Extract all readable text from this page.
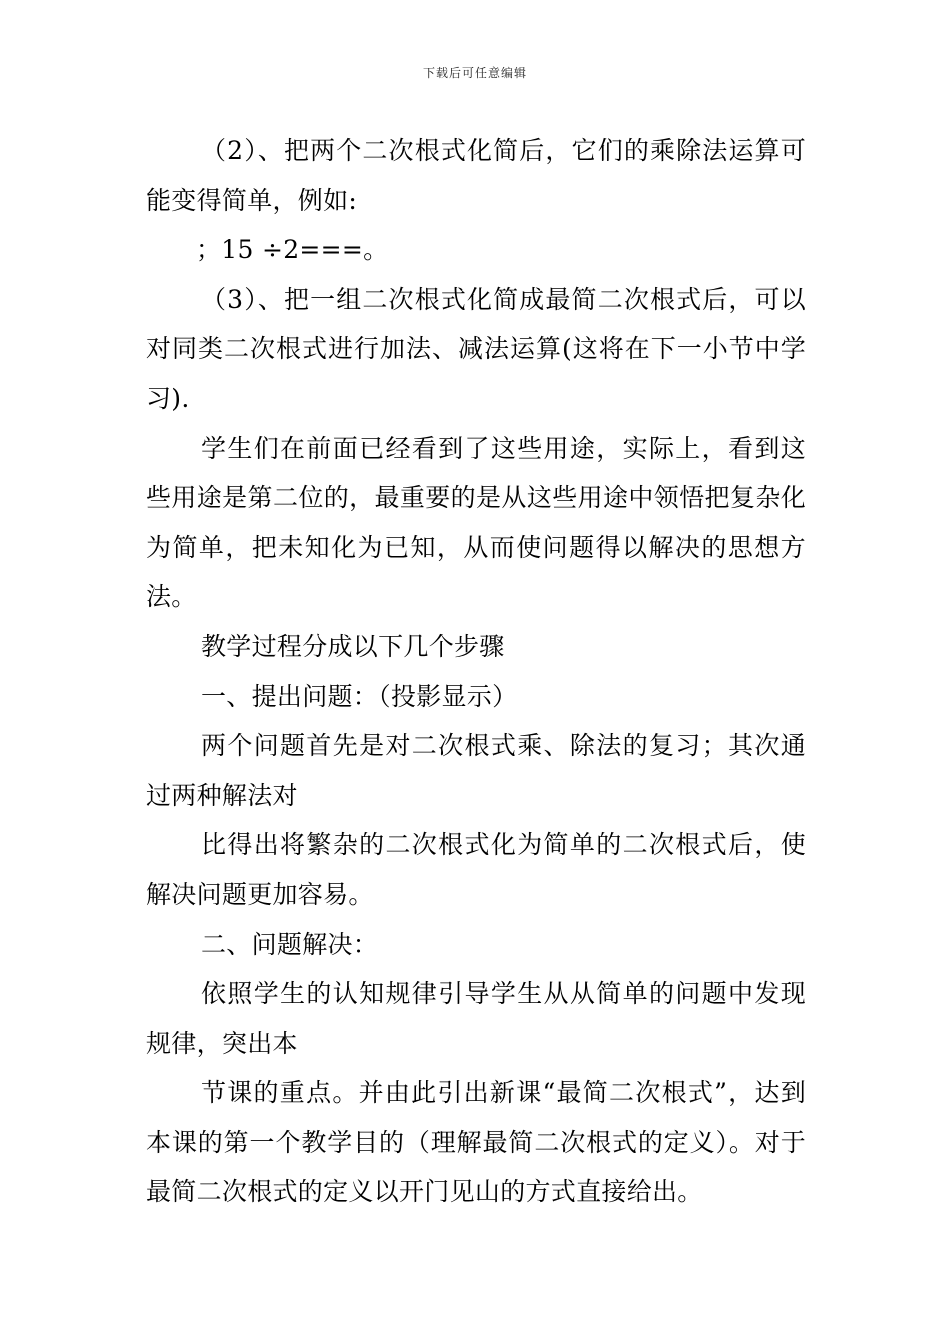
下载后可任意编辑

（2）、把两个二次根式化简后，它们的乘除法运算可能变得简单，例如:

；15 ÷2===。

（3）、把一组二次根式化简成最简二次根式后，可以对同类二次根式进行加法、减法运算(这将在下一小节中学习).

学生们在前面已经看到了这些用途，实际上，看到这些用途是第二位的，最重要的是从这些用途中领悟把复杂化为简单，把未知化为已知，从而使问题得以解决的思想方法。

教学过程分成以下几个步骤

一、提出问题：（投影显示）

两个问题首先是对二次根式乘、除法的复习；其次通过两种解法对

比得出将繁杂的二次根式化为简单的二次根式后，使解决问题更加容易。

二、问题解决：

依照学生的认知规律引导学生从从简单的问题中发现规律，突出本

节课的重点。并由此引出新课“最简二次根式”，达到本课的第一个教学目的（理解最简二次根式的定义）。对于最简二次根式的定义以开门见山的方式直接给出。
